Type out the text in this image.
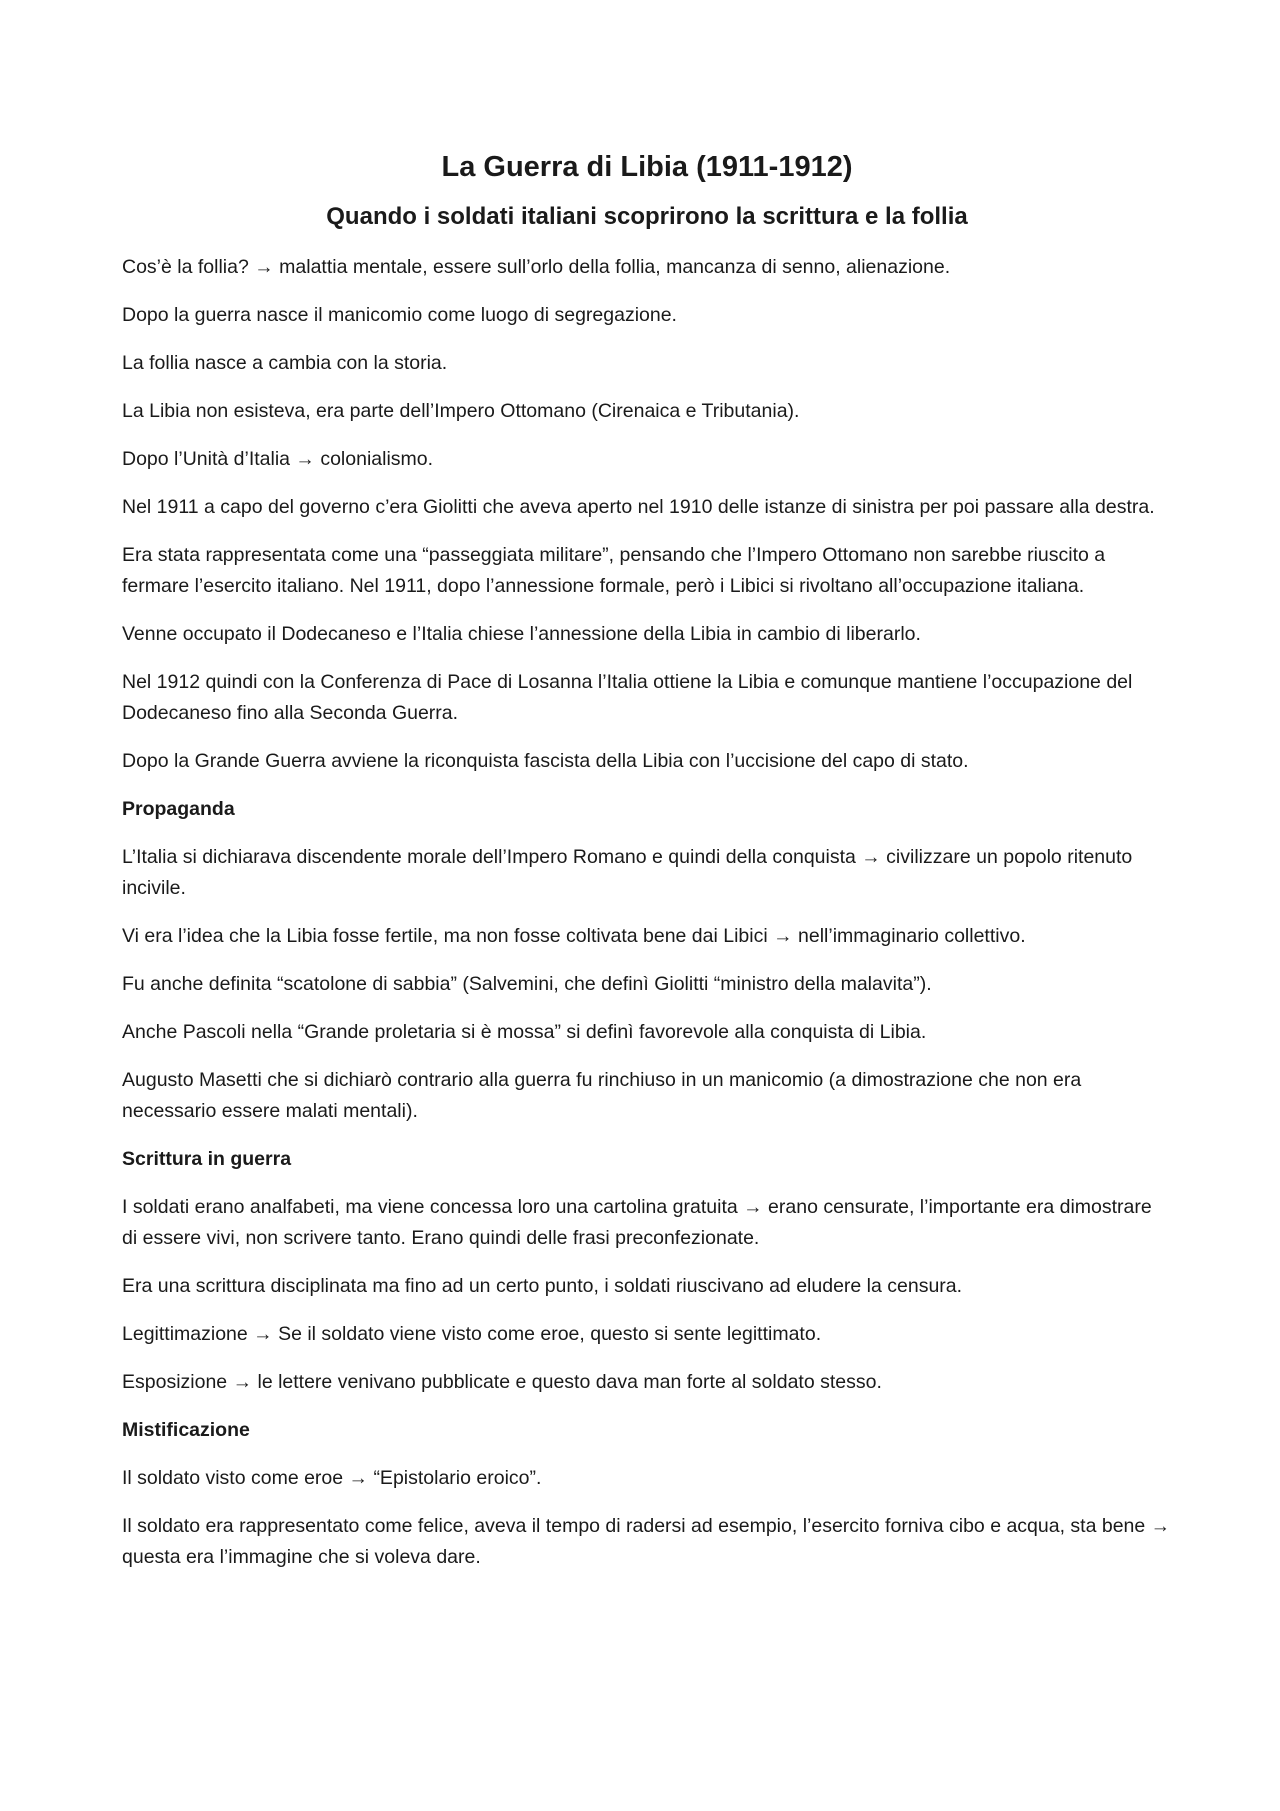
La Guerra di Libia (1911-1912)
Quando i soldati italiani scoprirono la scrittura e la follia

Cos’è la follia? → malattia mentale, essere sull’orlo della follia, mancanza di senno, alienazione.

Dopo la guerra nasce il manicomio come luogo di segregazione.

La follia nasce a cambia con la storia.

La Libia non esisteva, era parte dell’Impero Ottomano (Cirenaica e Tributania).

Dopo l’Unità d’Italia → colonialismo.

Nel 1911 a capo del governo c’era Giolitti che aveva aperto nel 1910 delle istanze di sinistra per poi passare alla destra.

Era stata rappresentata come una “passeggiata militare”, pensando che l’Impero Ottomano non sarebbe riuscito a fermare l’esercito italiano. Nel 1911, dopo l’annessione formale, però i Libici si rivoltano all’occupazione italiana.

Venne occupato il Dodecaneso e l’Italia chiese l’annessione della Libia in cambio di liberarlo.

Nel 1912 quindi con la Conferenza di Pace di Losanna l’Italia ottiene la Libia e comunque mantiene l’occupazione del Dodecaneso fino alla Seconda Guerra.

Dopo la Grande Guerra avviene la riconquista fascista della Libia con l’uccisione del capo di stato.

Propaganda

L’Italia si dichiarava discendente morale dell’Impero Romano e quindi della conquista → civilizzare un popolo ritenuto incivile.

Vi era l’idea che la Libia fosse fertile, ma non fosse coltivata bene dai Libici → nell’immaginario collettivo.

Fu anche definita “scatolone di sabbia” (Salvemini, che definì Giolitti “ministro della malavita”).

Anche Pascoli nella “Grande proletaria si è mossa” si definì favorevole alla conquista di Libia.

Augusto Masetti che si dichiarò contrario alla guerra fu rinchiuso in un manicomio (a dimostrazione che non era necessario essere malati mentali).

Scrittura in guerra

I soldati erano analfabeti, ma viene concessa loro una cartolina gratuita → erano censurate, l’importante era dimostrare di essere vivi, non scrivere tanto. Erano quindi delle frasi preconfezionate.

Era una scrittura disciplinata ma fino ad un certo punto, i soldati riuscivano ad eludere la censura.

Legittimazione → Se il soldato viene visto come eroe, questo si sente legittimato.

Esposizione → le lettere venivano pubblicate e questo dava man forte al soldato stesso.

Mistificazione

Il soldato visto come eroe → “Epistolario eroico”.

Il soldato era rappresentato come felice, aveva il tempo di radersi ad esempio, l’esercito forniva cibo e acqua, sta bene → questa era l’immagine che si voleva dare.
